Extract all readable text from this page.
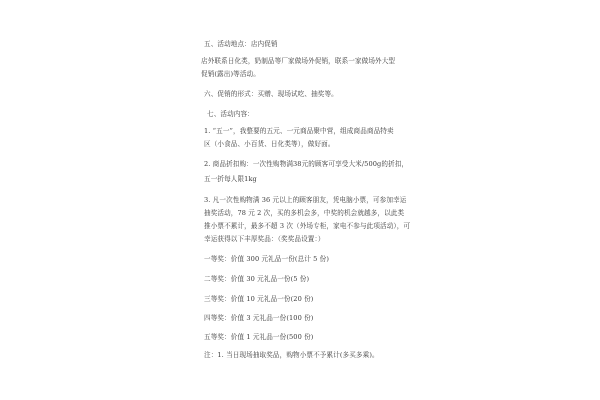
五、活动地点：店内促销
店外联系日化类，奶制品等厂家做场外促销，联系一家做场外大型
促销(露出)等活动。
六、促销的形式：买赠、现场试吃、抽奖等。
七、活动内容：
1. “五一”，我整要的五元、一元商品聚中营，组成商品商品特卖
区（小食品、小百货、日化类等），做好面。
2. 商品折扣购：一次性购物满38元的顾客可享受大米/500g的折扣，
五一折每人限1kg
3. 凡一次性购物满 36 元以上的顾客朋友，凭电脑小票，可参加幸运
抽奖活动，78 元 2 次，买的多机会多，中奖的机会就越多，以此类
推小票不累计，最多不超 3 次（外场专柜，家电不参与此项活动），可
幸运获得以下丰厚奖品：（奖奖品设置：）
一等奖：价值 300 元礼品一份(总计 5 份)
二等奖：价值 30 元礼品一份(5 份)
三等奖：价值 10 元礼品一份(20 份)
四等奖：价值 3 元礼品一份(100 份)
五等奖：价值 1 元礼品一份(500 份)
注：1. 当日现场抽取奖品，购物小票不予累计(多买多乘)。
